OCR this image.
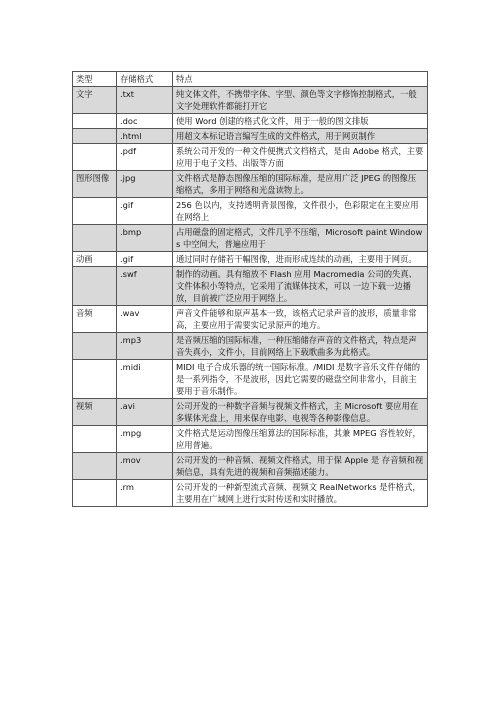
类型	存储格式	特点
文字	.txt	纯文体文件，不携带字体、字型、颜色等文字修饰控制格式，一般文字处理软件都能打开它
	.doc	使用 Word 创建的格式化文件，用于一般的图文排版
	.html	用超文本标记语言编写生成的文件格式，用于网页制作
	.pdf	系统公司开发的一种文件便携式文档格式，是由 Adobe 格式，主要应用于电子文档、出版等方面
图形图像	.jpg	文件格式是静态图像压缩的国际标准，是应用广泛 JPEG 的图像压缩格式，多用于网络和光盘读物上。
	.gif	256 色以内，支持透明背景图像，文件很小，色彩限定在主要应用在网络上
	.bmp	占用磁盘的固定格式，文件几乎不压缩，Microsoft paint Windows 中空间大，普遍应用于
动画	.gif	通过同时存储若干幅图像，进而形成连续的动画，主要用于网页。
	.swf	制作的动画。具有缩放不 Flash 应用 Macromedia 公司的失真、文件体积小等特点，它采用了流媒体技术，可以 一边下载一边播放，目前被广泛应用于网络上。
音频	.wav	声音文件能够和原声基本一致，该格式记录声音的波形，质量非常高，主要应用于需要实记录原声的地方。
	.mp3	是音频压缩的国际标准，一种压缩储存声音的文件格式，特点是声音失真小，文件小，目前网络上下载歌曲多为此格式。
	.midi	MIDI 电子合成乐器的统一国际标准。/MIDI 是数字音乐文件存储的是一系列指令，不是波形，因此它需要的磁盘空间非常小，目前主要用于音乐制作。
视频	.avi	公司开发的一种数字音频与视频文件格式，主 Microsoft 要应用在多媒体光盘上，用来保存电影、电视等各种影像信息。
	.mpg	文件格式是运动图像压缩算法的国际标准，其兼 MPEG 容性较好，应用普遍。
	.mov	公司开发的一种音频、视频文件格式，用于保 Apple 是 存音频和视频信息，具有先进的视频和音频描述能力。
	.rm	公司开发的一种新型流式音频、视频文 RealNetworks 是件格式，主要用在广域网上进行实时传送和实时播放。
